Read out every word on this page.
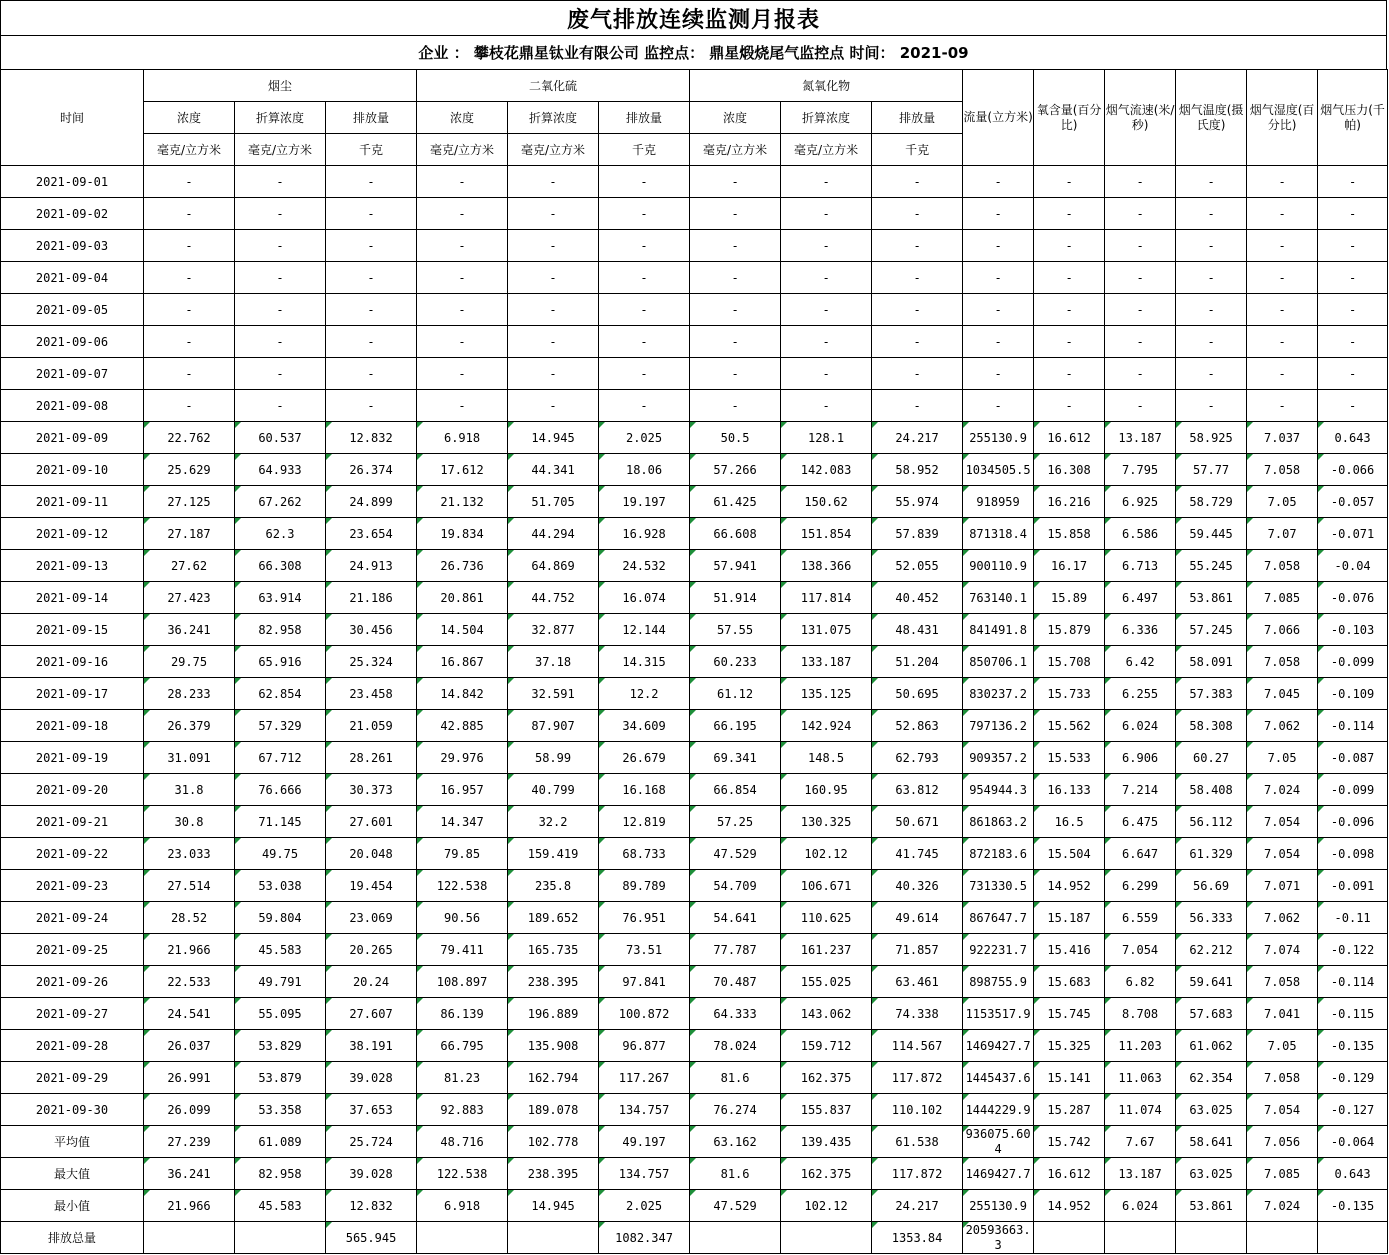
废气排放连续监测月报表
企业 ： 攀枝花鼎星钛业有限公司 监控点： 鼎星煅烧尾气监控点 时间： 2021-09
时间	烟尘			二氧化硫			氮氧化物			流量(立方米)	氧含量(百分比)	烟气流速(米/秒)	烟气温度(摄氏度)	烟气湿度(百分比)	烟气压力(千帕)
	浓度	折算浓度	排放量	浓度	折算浓度	排放量	浓度	折算浓度	排放量						
	毫克/立方米	毫克/立方米	千克	毫克/立方米	毫克/立方米	千克	毫克/立方米	毫克/立方米	千克						
2021-09-01	-	-	-	-	-	-	-	-	-	-	-	-	-	-	-
2021-09-02	-	-	-	-	-	-	-	-	-	-	-	-	-	-	-
2021-09-03	-	-	-	-	-	-	-	-	-	-	-	-	-	-	-
2021-09-04	-	-	-	-	-	-	-	-	-	-	-	-	-	-	-
2021-09-05	-	-	-	-	-	-	-	-	-	-	-	-	-	-	-
2021-09-06	-	-	-	-	-	-	-	-	-	-	-	-	-	-	-
2021-09-07	-	-	-	-	-	-	-	-	-	-	-	-	-	-	-
2021-09-08	-	-	-	-	-	-	-	-	-	-	-	-	-	-	-
2021-09-09	22.762	60.537	12.832	6.918	14.945	2.025	50.5	128.1	24.217	255130.9	16.612	13.187	58.925	7.037	0.643
2021-09-10	25.629	64.933	26.374	17.612	44.341	18.06	57.266	142.083	58.952	1034505.5	16.308	7.795	57.77	7.058	-0.066
2021-09-11	27.125	67.262	24.899	21.132	51.705	19.197	61.425	150.62	55.974	918959	16.216	6.925	58.729	7.05	-0.057
2021-09-12	27.187	62.3	23.654	19.834	44.294	16.928	66.608	151.854	57.839	871318.4	15.858	6.586	59.445	7.07	-0.071
2021-09-13	27.62	66.308	24.913	26.736	64.869	24.532	57.941	138.366	52.055	900110.9	16.17	6.713	55.245	7.058	-0.04
2021-09-14	27.423	63.914	21.186	20.861	44.752	16.074	51.914	117.814	40.452	763140.1	15.89	6.497	53.861	7.085	-0.076
2021-09-15	36.241	82.958	30.456	14.504	32.877	12.144	57.55	131.075	48.431	841491.8	15.879	6.336	57.245	7.066	-0.103
2021-09-16	29.75	65.916	25.324	16.867	37.18	14.315	60.233	133.187	51.204	850706.1	15.708	6.42	58.091	7.058	-0.099
2021-09-17	28.233	62.854	23.458	14.842	32.591	12.2	61.12	135.125	50.695	830237.2	15.733	6.255	57.383	7.045	-0.109
2021-09-18	26.379	57.329	21.059	42.885	87.907	34.609	66.195	142.924	52.863	797136.2	15.562	6.024	58.308	7.062	-0.114
2021-09-19	31.091	67.712	28.261	29.976	58.99	26.679	69.341	148.5	62.793	909357.2	15.533	6.906	60.27	7.05	-0.087
2021-09-20	31.8	76.666	30.373	16.957	40.799	16.168	66.854	160.95	63.812	954944.3	16.133	7.214	58.408	7.024	-0.099
2021-09-21	30.8	71.145	27.601	14.347	32.2	12.819	57.25	130.325	50.671	861863.2	16.5	6.475	56.112	7.054	-0.096
2021-09-22	23.033	49.75	20.048	79.85	159.419	68.733	47.529	102.12	41.745	872183.6	15.504	6.647	61.329	7.054	-0.098
2021-09-23	27.514	53.038	19.454	122.538	235.8	89.789	54.709	106.671	40.326	731330.5	14.952	6.299	56.69	7.071	-0.091
2021-09-24	28.52	59.804	23.069	90.56	189.652	76.951	54.641	110.625	49.614	867647.7	15.187	6.559	56.333	7.062	-0.11
2021-09-25	21.966	45.583	20.265	79.411	165.735	73.51	77.787	161.237	71.857	922231.7	15.416	7.054	62.212	7.074	-0.122
2021-09-26	22.533	49.791	20.24	108.897	238.395	97.841	70.487	155.025	63.461	898755.9	15.683	6.82	59.641	7.058	-0.114
2021-09-27	24.541	55.095	27.607	86.139	196.889	100.872	64.333	143.062	74.338	1153517.9	15.745	8.708	57.683	7.041	-0.115
2021-09-28	26.037	53.829	38.191	66.795	135.908	96.877	78.024	159.712	114.567	1469427.7	15.325	11.203	61.062	7.05	-0.135
2021-09-29	26.991	53.879	39.028	81.23	162.794	117.267	81.6	162.375	117.872	1445437.6	15.141	11.063	62.354	7.058	-0.129
2021-09-30	26.099	53.358	37.653	92.883	189.078	134.757	76.274	155.837	110.102	1444229.9	15.287	11.074	63.025	7.054	-0.127
平均值	27.239	61.089	25.724	48.716	102.778	49.197	63.162	139.435	61.538	936075.604	15.742	7.67	58.641	7.056	-0.064
最大值	36.241	82.958	39.028	122.538	238.395	134.757	81.6	162.375	117.872	1469427.7	16.612	13.187	63.025	7.085	0.643
最小值	21.966	45.583	12.832	6.918	14.945	2.025	47.529	102.12	24.217	255130.9	14.952	6.024	53.861	7.024	-0.135
排放总量			565.945			1082.347			1353.84	20593663.3					
